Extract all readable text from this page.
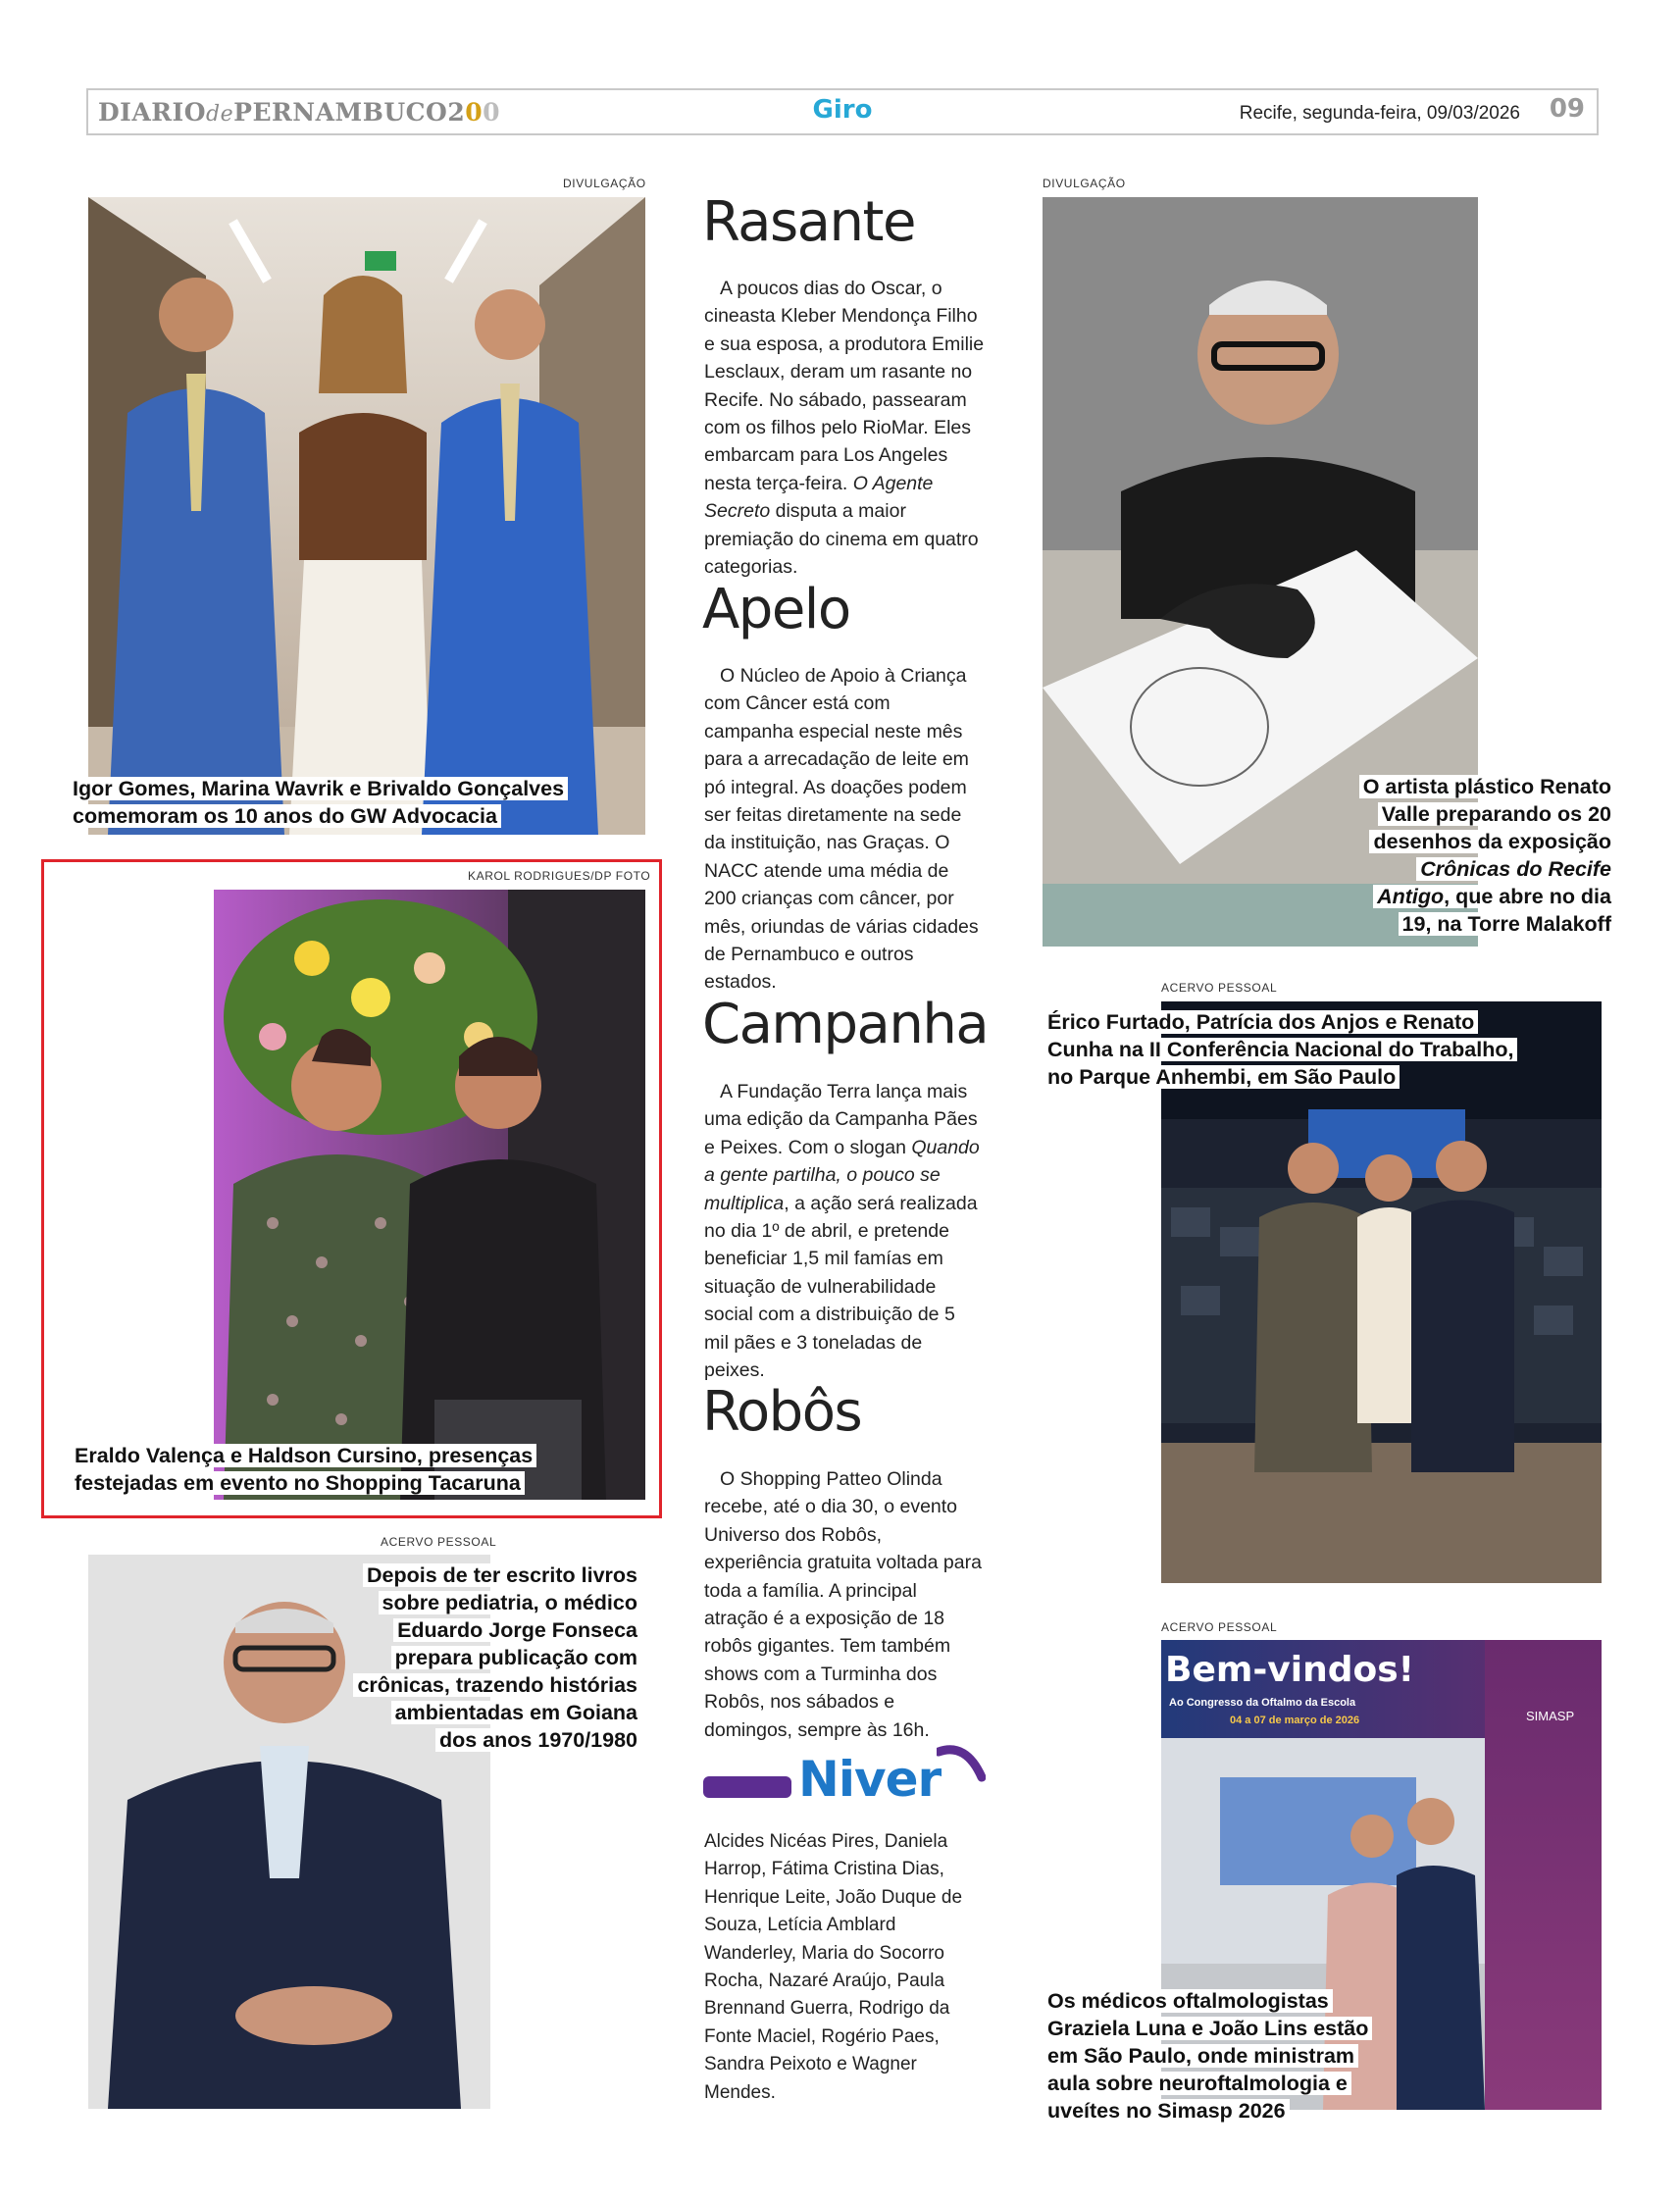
DIARIOdePERNAMBUCO200	Giro	Recife, segunda-feira, 09/03/2026 09
DIVULGAÇÃO
Igor Gomes, Marina Wavrik e Brivaldo Gonçalves
comemoram os 10 anos do GW Advocacia
KAROL RODRIGUES/DP FOTO
Eraldo Valença e Haldson Cursino, presenças
festejadas em evento no Shopping Tacaruna
ACERVO PESSOAL
Depois de ter escrito livros
sobre pediatria, o médico
Eduardo Jorge Fonseca
prepara publicação com
crônicas, trazendo histórias
ambientadas em Goiana
dos anos 1970/1980
Rasante

A poucos dias do Oscar, o cineasta Kleber Mendonça Filho e sua esposa, a produtora Emilie Lesclaux, deram um rasante no Recife. No sábado, passearam com os filhos pelo RioMar. Eles embarcam para Los Angeles nesta terça-feira. O Agente Secreto disputa a maior premiação do cinema em quatro categorias.

Apelo

O Núcleo de Apoio à Criança com Câncer está com campanha especial neste mês para a arrecadação de leite em pó integral. As doações podem ser feitas diretamente na sede da instituição, nas Graças. O NACC atende uma média de 200 crianças com câncer, por mês, oriundas de várias cidades de Pernambuco e outros estados.

Campanha

A Fundação Terra lança mais uma edição da Campanha Pães e Peixes. Com o slogan Quando a gente partilha, o pouco se multiplica, a ação será realizada no dia 1º de abril, e pretende beneficiar 1,5 mil famías em situação de vulnerabilidade social com a distribuição de 5 mil pães e 3 toneladas de peixes.

Robôs

O Shopping Patteo Olinda recebe, até o dia 30, o evento Universo dos Robôs, experiência gratuita voltada para toda a família. A principal atração é a exposição de 18 robôs gigantes. Tem também shows com a Turminha dos Robôs, nos sábados e domingos, sempre às 16h.

Niver

Alcides Nicéas Pires, Daniela Harrop, Fátima Cristina Dias, Henrique Leite, João Duque de Souza, Letícia Amblard Wanderley, Maria do Socorro Rocha, Nazaré Araújo, Paula Brennand Guerra, Rodrigo da Fonte Maciel, Rogério Paes, Sandra Peixoto e Wagner Mendes.

DIVULGAÇÃO
O artista plástico Renato
Valle preparando os 20
desenhos da exposição
Crônicas do Recife
Antigo, que abre no dia
19, na Torre Malakoff
ACERVO PESSOAL
Érico Furtado, Patrícia dos Anjos e Renato
Cunha na II Conferência Nacional do Trabalho,
no Parque Anhembi, em São Paulo
ACERVO PESSOAL
Bem-vindos!
Ao Congresso da Oftalmo da Escola
04 a 07 de março de 2026	SIMASP
Os médicos oftalmologistas
Graziela Luna e João Lins estão
em São Paulo, onde ministram
aula sobre neuroftalmologia e
uveítes no Simasp 2026
